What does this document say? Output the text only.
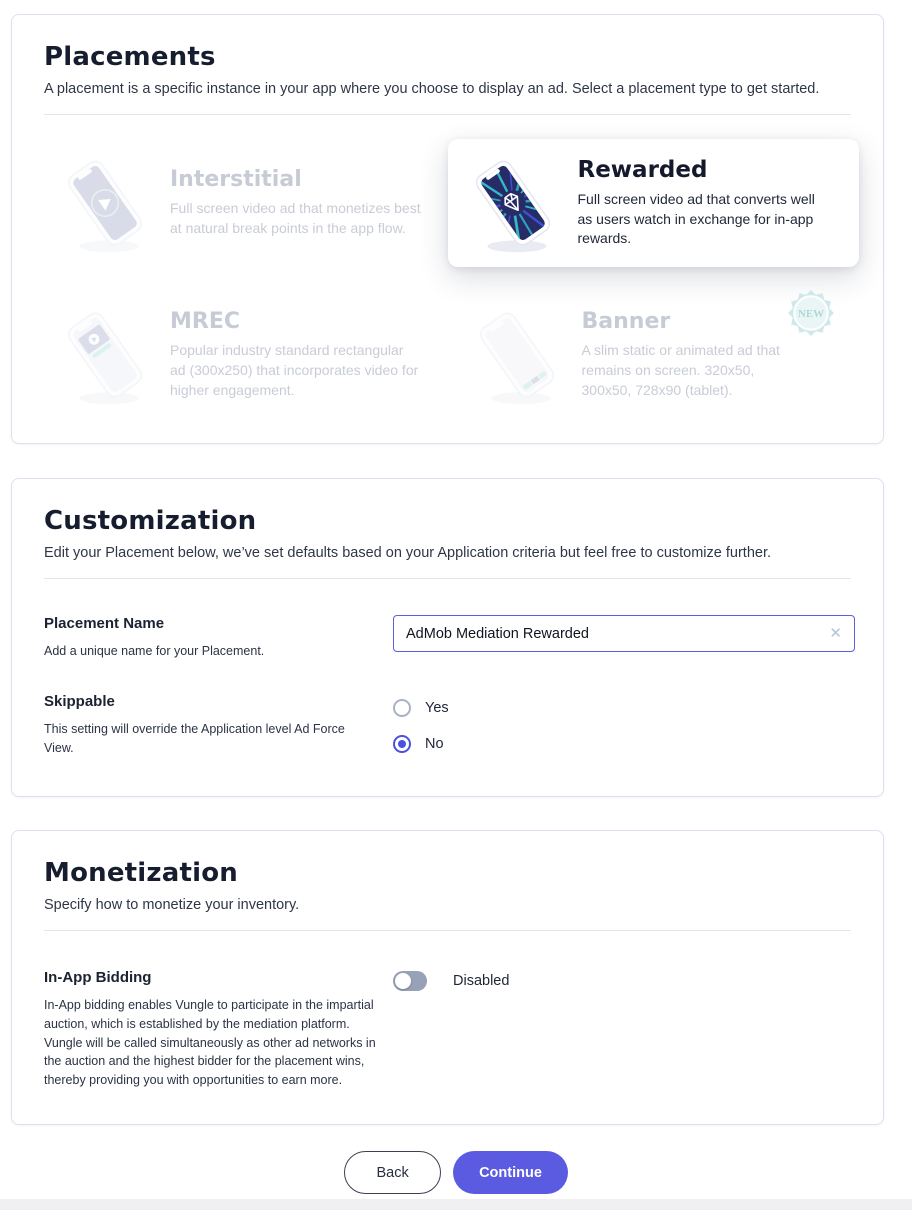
Placements
A placement is a specific instance in your app where you choose to display an ad. Select a placement type to get started.
Interstitial
Full screen video ad that monetizes best at natural break points in the app flow.
Rewarded
Full screen video ad that converts well as users watch in exchange for in-app rewards.
MREC
Popular industry standard rectangular ad (300x250) that incorporates video for higher engagement.
Banner
A slim static or animated ad that remains on screen. 320x50, 300x50, 728x90 (tablet).
NEW
Customization
Edit your Placement below, we’ve set defaults based on your Application criteria but feel free to customize further.
Placement Name
Add a unique name for your Placement.
AdMob Mediation Rewarded
✕
Skippable
This setting will override the Application level Ad Force View.
Yes
No
Monetization
Specify how to monetize your inventory.
In-App Bidding
In-App bidding enables Vungle to participate in the impartial auction, which is established by the mediation platform. Vungle will be called simultaneously as other ad networks in the auction and the highest bidder for the placement wins, thereby providing you with opportunities to earn more.
Disabled
Back	Continue
